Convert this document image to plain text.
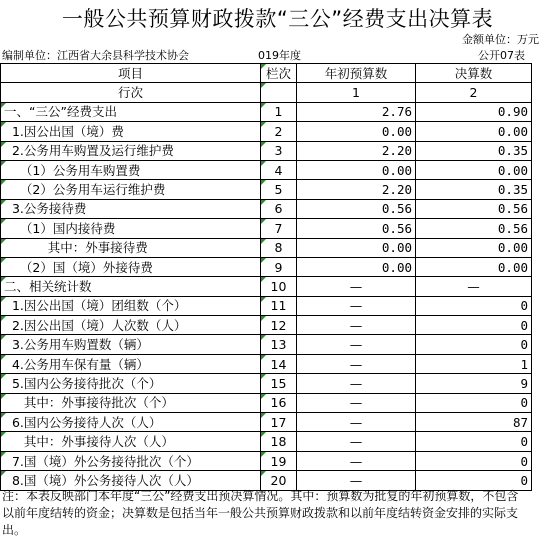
一般公共预算财政拨款“三公”经费支出决算表
金额单位：万元
编制单位：江西省大余县科学技术协会	019年度	公开07表
项目	栏次	年初预算数	决算数
行次		1	2
一、“三公”经费支出	1	2.76	0.90
1.因公出国（境）费	2	0.00	0.00
2.公务用车购置及运行维护费	3	2.20	0.35
（1）公务用车购置费	4	0.00	0.00
（2）公务用车运行维护费	5	2.20	0.35
3.公务接待费	6	0.56	0.56
（1）国内接待费	7	0.56	0.56
其中：外事接待费	8	0.00	0.00
（2）国（境）外接待费	9	0.00	0.00
二、相关统计数	10	—	—
1.因公出国（境）团组数（个）	11	—	0
2.因公出国（境）人次数（人）	12	—	0
3.公务用车购置数（辆）	13	—	0
4.公务用车保有量（辆）	14	—	1
5.国内公务接待批次（个）	15	—	9
其中：外事接待批次（个）	16	—	0
6.国内公务接待人次（人）	17	—	87
其中：外事接待人次（人）	18	—	0
7.国（境）外公务接待批次（个）	19	—	0
8.国（境）外公务接待人次（人）	20	—	0
注：本表反映部门本年度“三公”经费支出预决算情况。其中：预算数为批复的年初预算数，不包含以前年度结转的资金；决算数是包括当年一般公共预算财政拨款和以前年度结转资金安排的实际支出。
